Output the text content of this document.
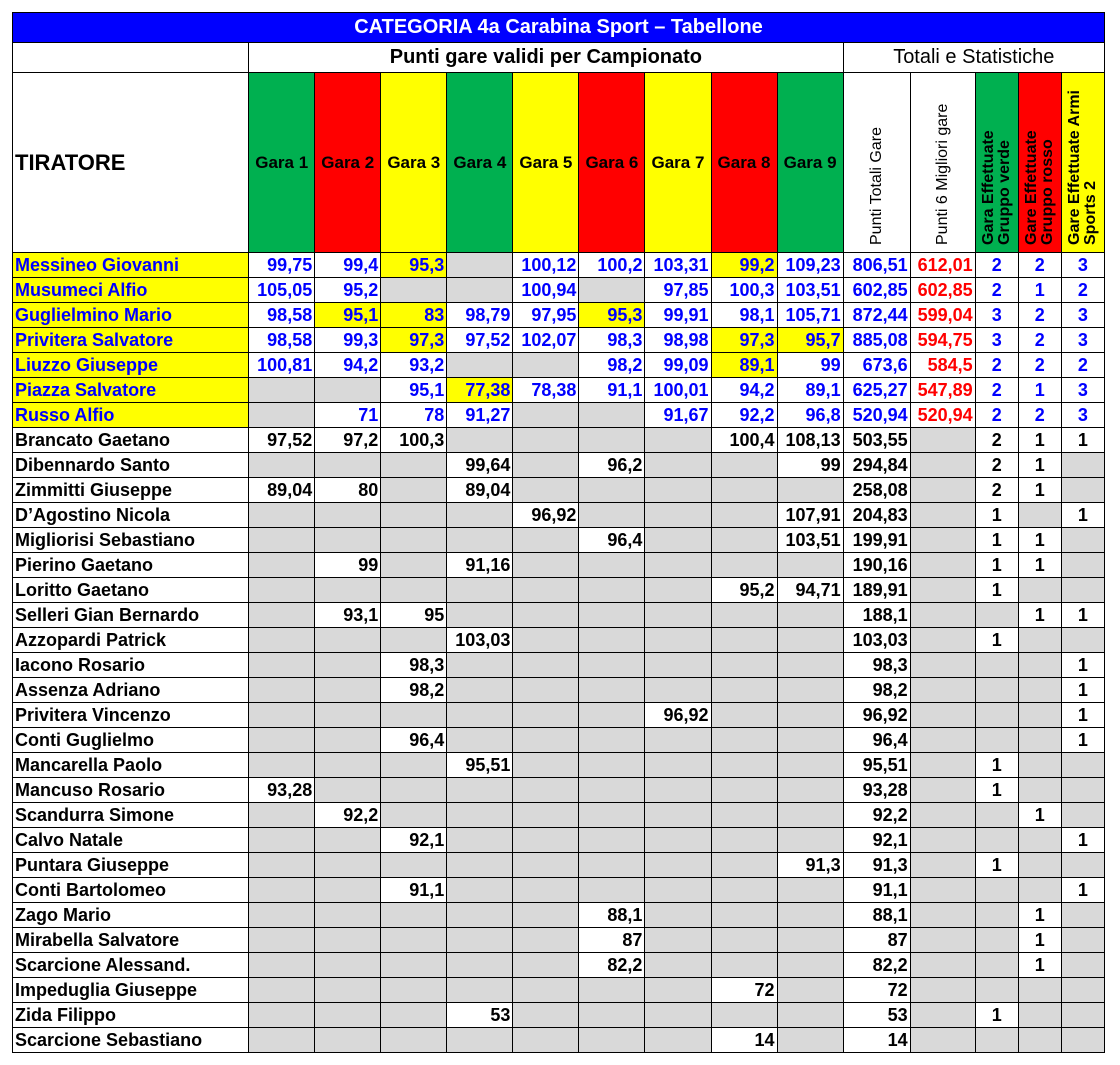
CATEGORIA 4a Carabina Sport – Tabellone														
	Punti gare validi per Campionato									Totali e Statistiche				
TIRATORE	Gara 1	Gara 2	Gara 3	Gara 4	Gara 5	Gara 6	Gara 7	Gara 8	Gara 9	Punti Totali Gare	Punti 6 Migliori gare	Gara Effettuate Gruppo verde	Gare Effettuate Gruppo rosso	Gare Effettuate Armi Sports 2
Messineo Giovanni	99,75	99,4	95,3		100,12	100,2	103,31	99,2	109,23	806,51	612,01	2	2	3
Musumeci Alfio	105,05	95,2			100,94		97,85	100,3	103,51	602,85	602,85	2	1	2
Guglielmino Mario	98,58	95,1	83	98,79	97,95	95,3	99,91	98,1	105,71	872,44	599,04	3	2	3
Privitera Salvatore	98,58	99,3	97,3	97,52	102,07	98,3	98,98	97,3	95,7	885,08	594,75	3	2	3
Liuzzo Giuseppe	100,81	94,2	93,2			98,2	99,09	89,1	99	673,6	584,5	2	2	2
Piazza Salvatore			95,1	77,38	78,38	91,1	100,01	94,2	89,1	625,27	547,89	2	1	3
Russo Alfio		71	78	91,27			91,67	92,2	96,8	520,94	520,94	2	2	3
Brancato Gaetano	97,52	97,2	100,3					100,4	108,13	503,55		2	1	1
Dibennardo Santo				99,64		96,2			99	294,84		2	1	
Zimmitti Giuseppe	89,04	80		89,04						258,08		2	1	
D’Agostino Nicola					96,92				107,91	204,83		1		1
Migliorisi Sebastiano						96,4			103,51	199,91		1	1	
Pierino Gaetano		99		91,16						190,16		1	1	
Loritto Gaetano								95,2	94,71	189,91		1		
Selleri Gian Bernardo		93,1	95							188,1			1	1
Azzopardi Patrick				103,03						103,03		1		
Iacono Rosario			98,3							98,3				1
Assenza Adriano			98,2							98,2				1
Privitera Vincenzo							96,92			96,92				1
Conti Guglielmo			96,4							96,4				1
Mancarella Paolo				95,51						95,51		1		
Mancuso Rosario	93,28									93,28		1		
Scandurra Simone		92,2								92,2			1	
Calvo Natale			92,1							92,1				1
Puntara Giuseppe									91,3	91,3		1		
Conti Bartolomeo			91,1							91,1				1
Zago Mario						88,1				88,1			1	
Mirabella Salvatore						87				87			1	
Scarcione Alessand.						82,2				82,2			1	
Impeduglia Giuseppe								72		72				
Zida Filippo				53						53		1		
Scarcione Sebastiano								14		14				
